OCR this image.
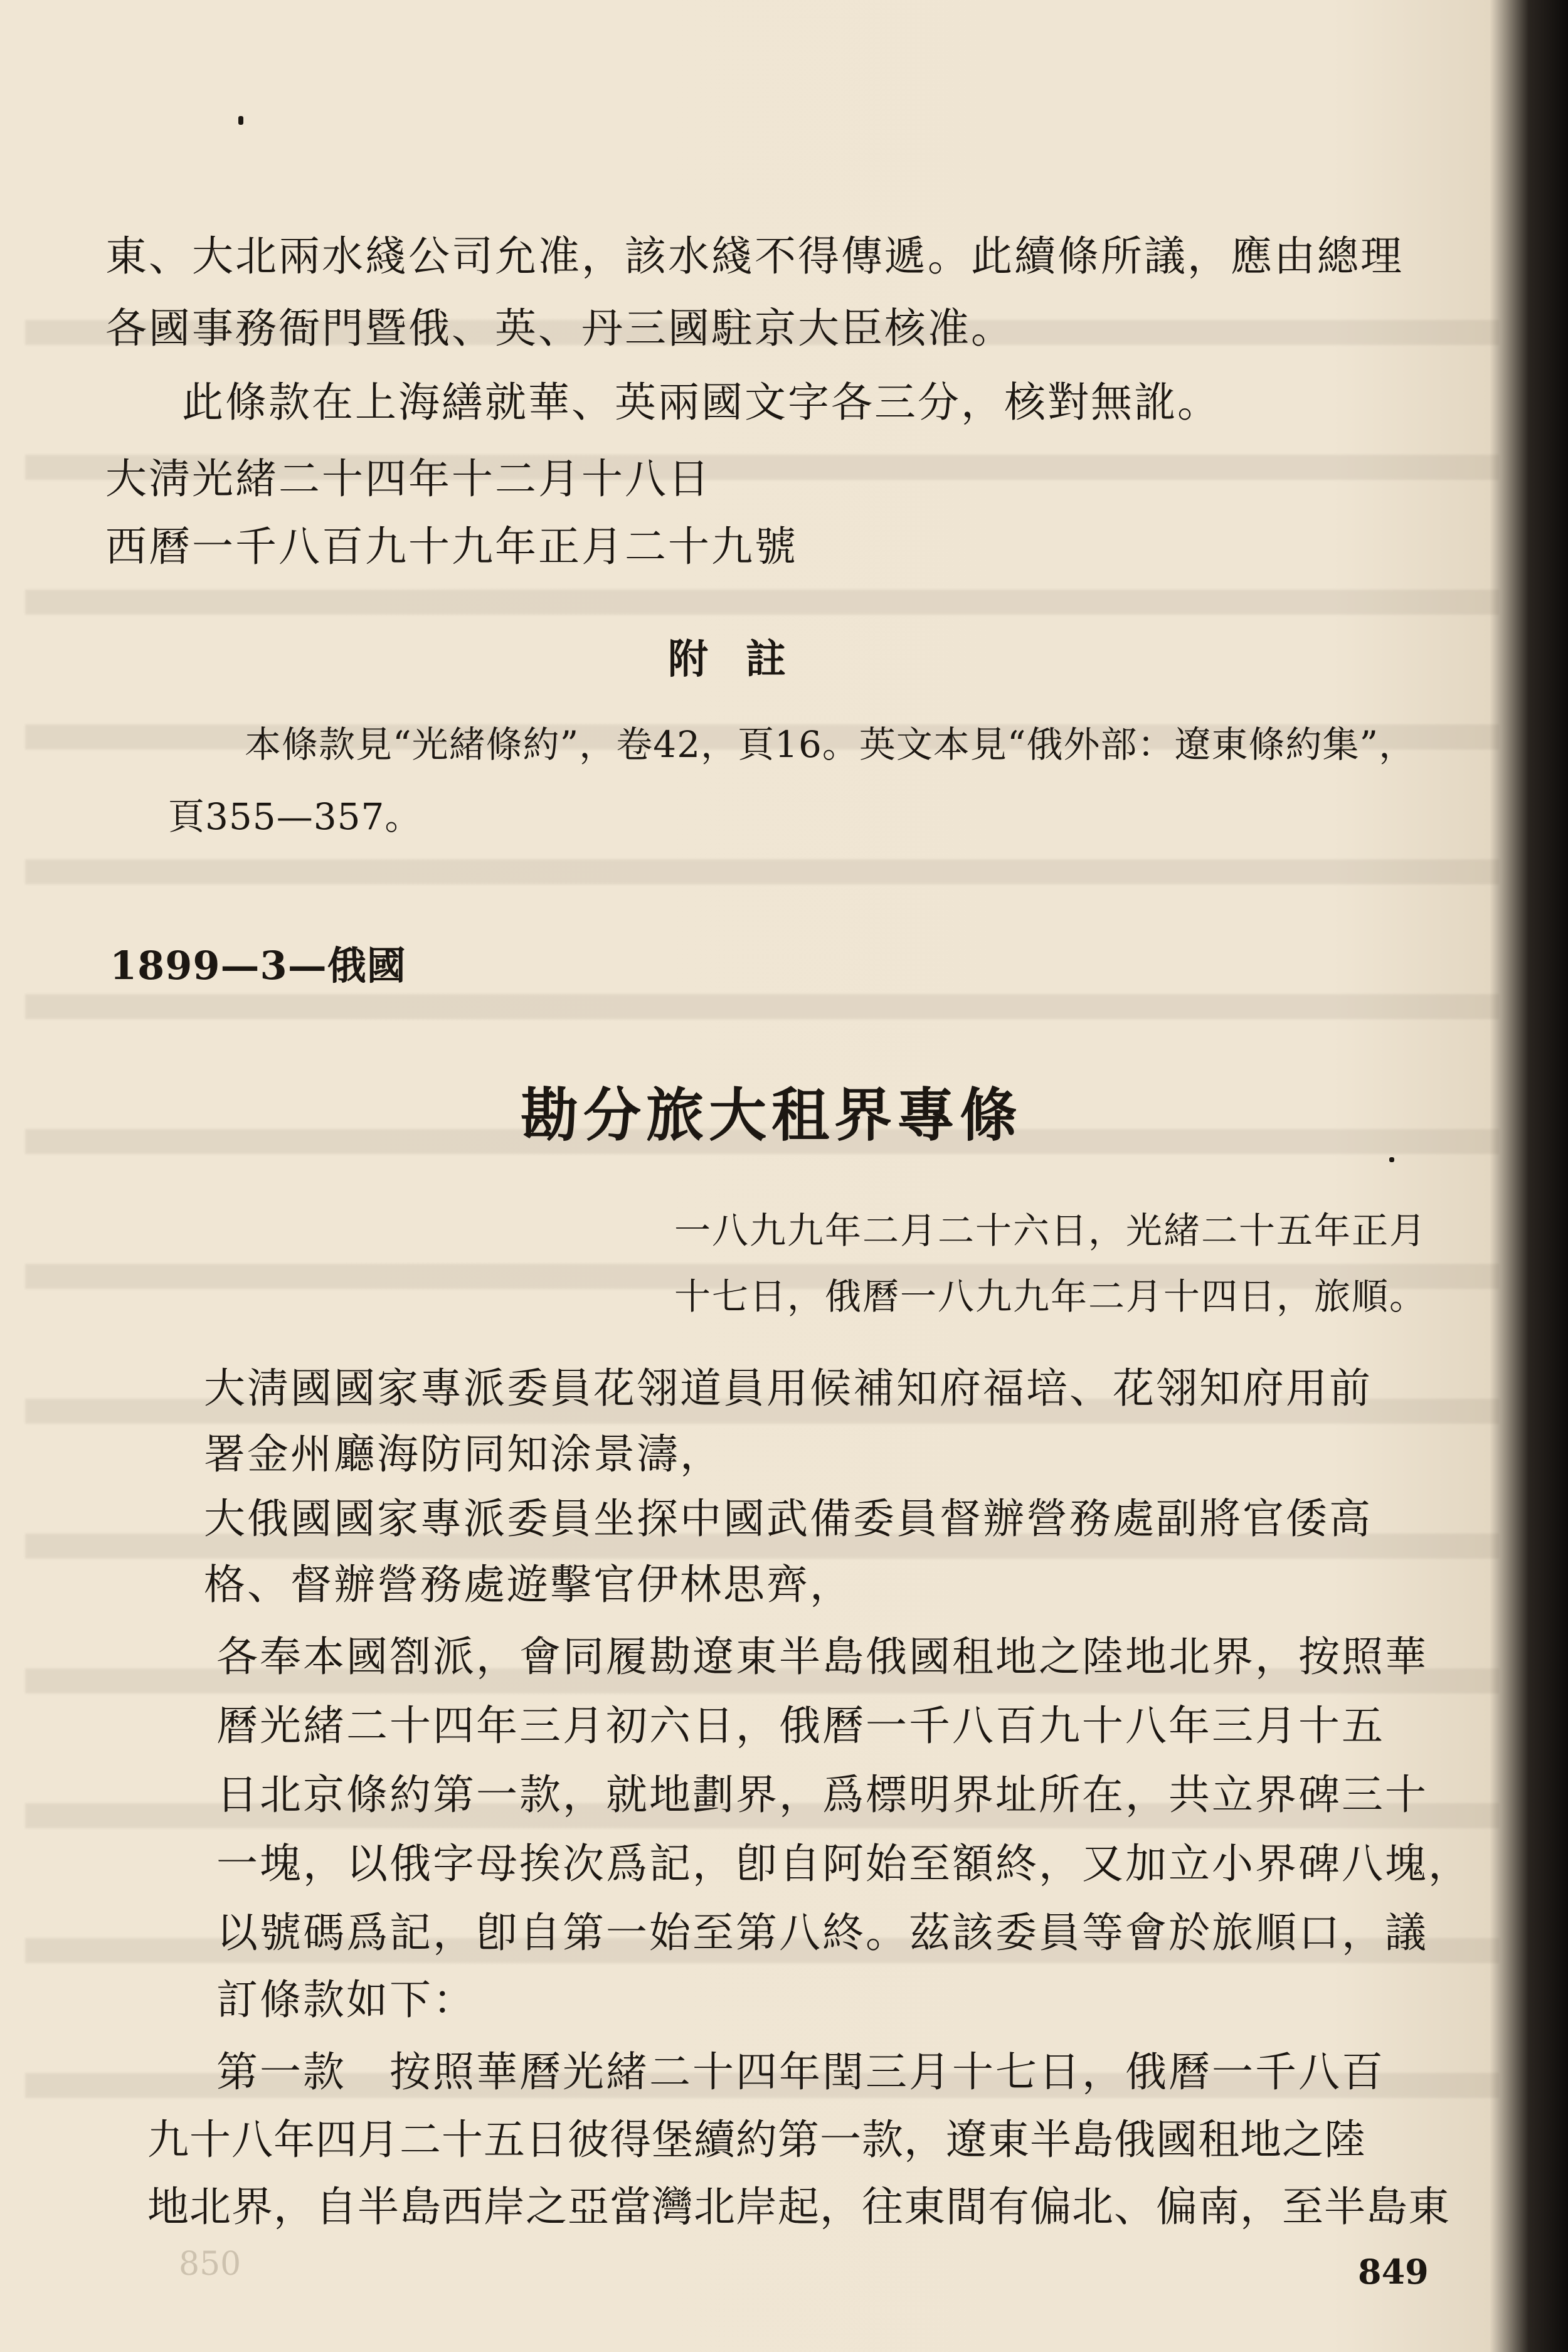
東、大北兩水綫公司允准，該水綫不得傳遞。此續條所議，應由總理
各國事務衙門暨俄、英、丹三國駐京大臣核准。
此條款在上海繕就華、英兩國文字各三分，核對無訛。
大淸光緒二十四年十二月十八日
西曆一千八百九十九年正月二十九號
附註
本條款見“光緒條約”，卷42，頁16。英文本見“俄外部：遼東條約集”，
頁355—357。
1899—3—俄國
勘分旅大租界專條
一八九九年二月二十六日，光緒二十五年正月
十七日，俄曆一八九九年二月十四日，旅順。
大淸國國家專派委員花翎道員用候補知府福培、花翎知府用前
署金州廳海防同知涂景濤，
大俄國國家專派委員坐探中國武備委員督辦營務處副將官倭高
格、督辦營務處遊擊官伊林思齊，
各奉本國劄派，會同履勘遼東半島俄國租地之陸地北界，按照華
曆光緒二十四年三月初六日，俄曆一千八百九十八年三月十五
日北京條約第一款，就地劃界，爲標明界址所在，共立界碑三十
一塊，以俄字母挨次爲記，卽自阿始至額終，又加立小界碑八塊，
以號碼爲記，卽自第一始至第八終。茲該委員等會於旅順口，議
訂條款如下：
第一款　按照華曆光緒二十四年閏三月十七日，俄曆一千八百
九十八年四月二十五日彼得堡續約第一款，遼東半島俄國租地之陸
地北界，自半島西岸之亞當灣北岸起，往東間有偏北、偏南，至半島東
850	849
